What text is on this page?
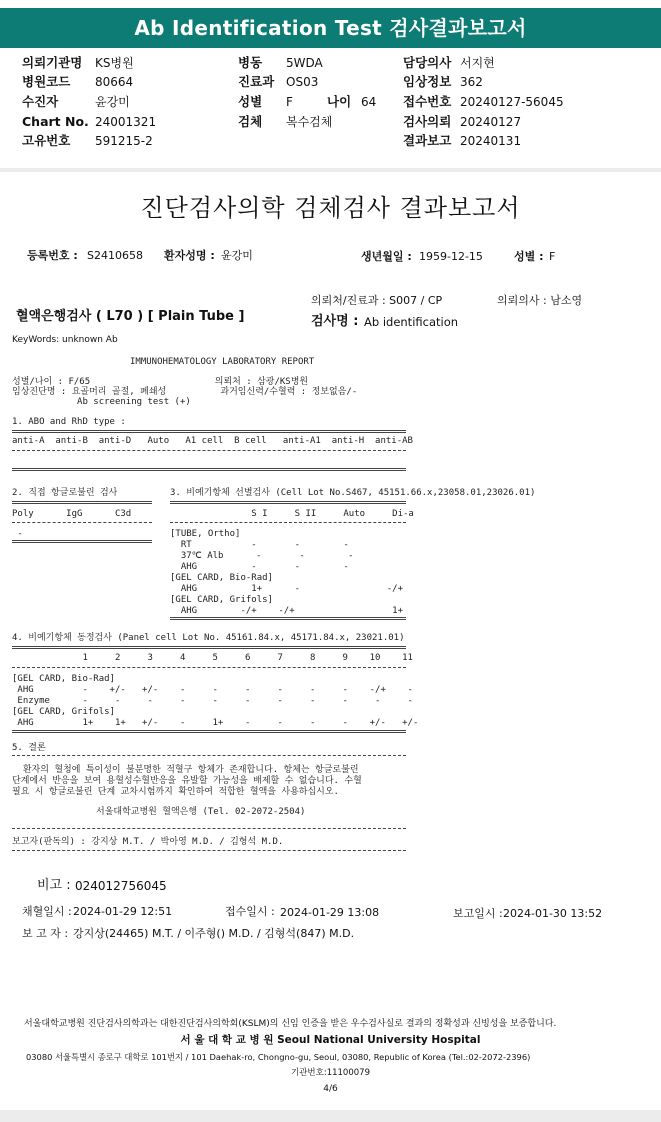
Ab Identification Test 검사결과보고서
의뢰기관명 KS병원
병원코드 80664
수진자	윤강미
Chart No. 24001321
고유번호 591215-2
병동 5WDA
진료과 OS03
성별 F	나이 64
검체 복수검체
담당의사 서지현
임상정보 362
접수번호 20240127-56045
검사의뢰 20240127
결과보고 20240131
진단검사의학 검체검사 결과보고서
등록번호 : S2410658 환자성명 : 윤강미	생년월일 : 1959-12-15	성별 : F
의뢰처/진료과 : S007 / CP	의뢰의사 : 남소영
혈액은행검사 ( L70 ) [ Plain Tube ]	검사명 : Ab identification
KeyWords: unknown Ab
IMMUNOHEMATOLOGY LABORATORY REPORT
성별/나이 : F/65                       의뢰처 : 삼광/KS병원
임상진단명 : 요골머리 골절, 폐쇄성          과거임신력/수혈력 : 정보없음/-
Ab screening test (+)
1. ABO and RhD type :
anti-A  anti-B  anti-D   Auto   A1 cell  B cell   anti-A1  anti-H  anti-AB
2. 직접 항글로불린 검사
Poly      IgG      C3d
-
3. 비예기항체 선별검사 (Cell Lot No.S467, 45151.66.x,23058.01,23026.01)
S I     S II     Auto     Di-a
[TUBE, Ortho]
RT           -       -        -
37℃ Alb      -       -        -
AHG          -       -        -
[GEL CARD, Bio-Rad]
AHG          1+      -                -/+
[GEL CARD, Grifols]
AHG        -/+    -/+                  1+
4. 비예기항체 동정검사 (Panel cell Lot No. 45161.84.x, 45171.84.x, 23021.01)
1     2     3     4     5     6     7     8     9    10    11
[GEL CARD, Bio-Rad]
AHG         -    +/-   +/-    -     -     -     -     -     -    -/+    -
Enzyme      -     -     -     -     -     -     -     -     -     -     -
[GEL CARD, Grifols]
AHG         1+    1+   +/-    -     1+    -     -     -     -    +/-   +/-
5. 결론
환자의 혈청에 특이성이 불분명한 적혈구 항체가 존재합니다. 항체는 항글로불린
단계에서 반응을 보여 용혈성수혈반응을 유발할 가능성을 배제할 수 없습니다. 수혈
필요 시 항글로불린 단계 교차시험까지 확인하여 적합한 혈액을 사용하십시오.
서울대학교병원 혈액은행 (Tel. 02-2072-2504)
보고자(판독의) : 강지상 M.T. / 박아영 M.D. / 김형석 M.D.
비고 : 024012756045
채혈일시 : 2024-01-29 12:51	접수일시 : 2024-01-29 13:08	보고일시 : 2024-01-30 13:52
보 고 자 : 강지상(24465) M.T. / 이주형() M.D. / 김형석(847) M.D.
서울대학교병원 진단검사의학과는 대한진단검사의학회(KSLM)의 신임 인증을 받은 우수검사실로 결과의 정확성과 신빙성을 보증합니다.
서 울 대 학 교 병 원 Seoul National University Hospital
03080 서울특별시 종로구 대학로 101번지 / 101 Daehak-ro, Chongno-gu, Seoul, 03080, Republic of Korea (Tel.:02-2072-2396)
기관번호:11100079
4/6
